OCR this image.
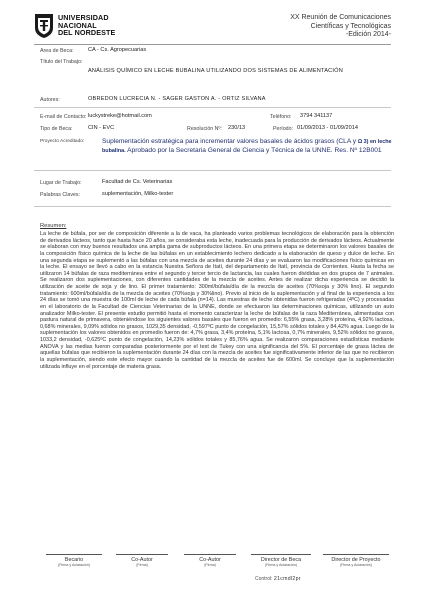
UNIVERSIDAD
NACIONAL
DEL NORDESTE
XX Reunión de Comunicaciones
Científicas y Tecnológicas
-Edición 2014-
Area de Beca:	CA - Cs. Agropecuarias
Título del Trabajo:
ANÁLISIS QUÍMICO EN LECHE BUBALINA UTILIZANDO DOS SISTEMAS DE ALIMENTACIÓN
Autores:	OBREDON LUCRECIA N. - SAGER GASTON A. - ORTIZ SILVANA
E-mail de Contacto: luckystreke@hotmail.com	Teléfono: 3794 341137
Tipo de Beca:	CIN - EVC	Resolución Nº: 230/13	Período: 01/09/2013 - 01/09/2014
Proyecto Acreditado:	Suplementación estratégica para incrementar valores basales de ácidos grasos (CLA y Ω 3) en leche bubalina. Aprobado por la Secretaria General de Ciencia y Técnica de la UNNE. Res. Nº 12B001
Lugar de Trabajo:	Facultad de Cs. Veterinarias
Palabras Claves:	suplementación, Milko-tester
Resumen:
La leche de búfala, por ser de composición diferente a la de vaca, ha planteado varios problemas tecnológicos de elaboración para la obtención de derivados lácteos, tanto que hasta hace 20 años, se consideraba esta leche, inadecuada para la producción de derivados lácteos. Actualmente se elaboran con muy buenos resultados una amplia gama de subproductos lácteos. En una primera etapa se determinaron los valores basales de la composición físico química de la leche de las búfalas en un establecimiento lechero dedicado a la elaboración de queso y dulce de leche. En una segunda etapa se suplementó a las búfalas con una mezcla de aceites durante 24 días y se evaluaron las modificaciones físico químicas en la leche. El ensayo se llevó a cabo en la estancia Nuestra Señora de Itatí, del departamento de Itatí, provincia de Corrientes. Hasta la fecha se utilizaron 14 búfalas de raza mediterránea entre el segundo y tercer tercio de lactancia, las cuales fueron divididas en dos grupos de 7 animales. Se realizaron dos suplementaciones, con diferentes cantidades de la mezcla de aceites. Antes de realizar dicha experiencia se decidió la utilización de aceite de soja y de lino. El primer tratamiento: 300ml/búfala/día de la mezcla de aceites (70%soja y 30% lino). El segundo tratamiento: 600ml/búfala/día de la mezcla de aceites (70%soja y 30%lino). Previo al inicio de la suplementación y al final de la experiencia a los 24 días se tomó una muestra de 100ml de leche de cada búfala (n=14). Las muestras de leche obtenidas fueron refrigeradas (4ºC) y procesadas en el laboratorio de la Facultad de Ciencias Veterinarias de la UNNE, donde se efectuaron las determinaciones químicas, utilizando un auto analizador Milko-tester. El presente estudio permitió hasta el momento caracterizar la leche de búfalas de la raza Mediterránea, alimentadas con pastura natural de primavera, obteniéndose los siguientes valores basales que fueron en promedio: 6,55% grasa, 3,28% proteína, 4,92% lactosa, 0,68% minerales, 9,09% sólidos no grasos, 1029,35 densidad, -0,597ºC punto de congelación, 15,57% sólidos totales y 84,42% agua. Luego de la suplementación los valores obtenidos en promedio fueron de: 4,7% grasa, 3,4% proteína, 5,1% lactosa, 0,7% minerales, 9,52% sólidos no grasos, 1033,2 densidad, -0,625ºC punto de congelación, 14,23% sólidos totales y 85,76% agua. Se realizaron comparaciones estadísticas mediante ANOVA y las medias fueron comparadas posteriormente por el test de Tukey con una significancia del 5%. El porcentaje de grasa láctea de aquellas búfalas que recibieron la suplementación durante 24 días con la mezcla de aceites fue significativamente inferior de las que no recibieron la suplementación, siendo este efecto mayor cuando la cantidad de la mezcla de aceites fue de 600ml. Se concluye que la suplementación utilizada influye en el porcentaje de materia grasa.
Becario
(Firma y Aclaración)
Co-Autor
(Firma)
Co-Autor
(Firma)
Director de Beca
(Firma y Aclaración)
Director de Proyecto
(Firma y Aclaración)
Control: 21cmdl2pr
